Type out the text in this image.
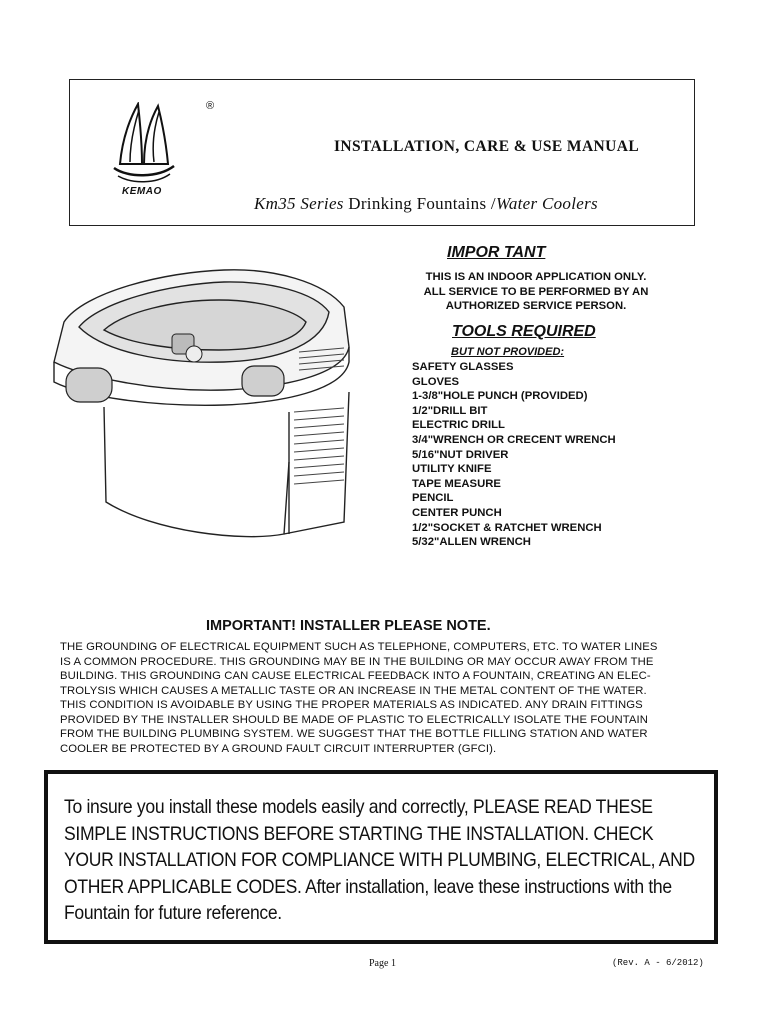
KEMAO
®
INSTALLATION, CARE & USE MANUAL
Km35 Series Drinking Fountains /Water Coolers
IMPOR TANT
THIS IS AN INDOOR APPLICATION ONLY.
ALL SERVICE TO BE PERFORMED BY AN
AUTHORIZED SERVICE PERSON.
TOOLS REQUIRED
BUT NOT PROVIDED:
SAFETY GLASSES
GLOVES
1-3/8"HOLE PUNCH (PROVIDED)
1/2"DRILL BIT
ELECTRIC DRILL
3/4"WRENCH OR CRECENT WRENCH
5/16"NUT DRIVER
UTILITY KNIFE
TAPE MEASURE
PENCIL
CENTER PUNCH
1/2"SOCKET & RATCHET WRENCH
5/32"ALLEN WRENCH
IMPORTANT! INSTALLER PLEASE NOTE.
THE GROUNDING OF ELECTRICAL EQUIPMENT SUCH AS TELEPHONE, COMPUTERS, ETC. TO WATER LINES
IS A COMMON PROCEDURE. THIS GROUNDING MAY BE IN THE BUILDING OR MAY OCCUR AWAY FROM THE
BUILDING. THIS GROUNDING CAN CAUSE ELECTRICAL FEEDBACK INTO A FOUNTAIN, CREATING AN ELEC-
TROLYSIS WHICH CAUSES A METALLIC TASTE OR AN INCREASE IN THE METAL CONTENT OF THE WATER.
THIS CONDITION IS AVOIDABLE BY USING THE PROPER MATERIALS AS INDICATED. ANY DRAIN FITTINGS
PROVIDED BY THE INSTALLER SHOULD BE MADE OF PLASTIC TO ELECTRICALLY ISOLATE THE FOUNTAIN
FROM THE BUILDING PLUMBING SYSTEM. WE SUGGEST THAT THE BOTTLE FILLING STATION AND WATER
COOLER BE PROTECTED BY A GROUND FAULT CIRCUIT INTERRUPTER (GFCI).
To insure you install these models easily and correctly, PLEASE READ THESE
SIMPLE INSTRUCTIONS BEFORE STARTING THE INSTALLATION. CHECK
YOUR INSTALLATION FOR COMPLIANCE WITH PLUMBING, ELECTRICAL, AND
OTHER APPLICABLE CODES. After installation, leave these instructions with the
Fountain for future reference.
Page 1	(Rev. A - 6/2012)
